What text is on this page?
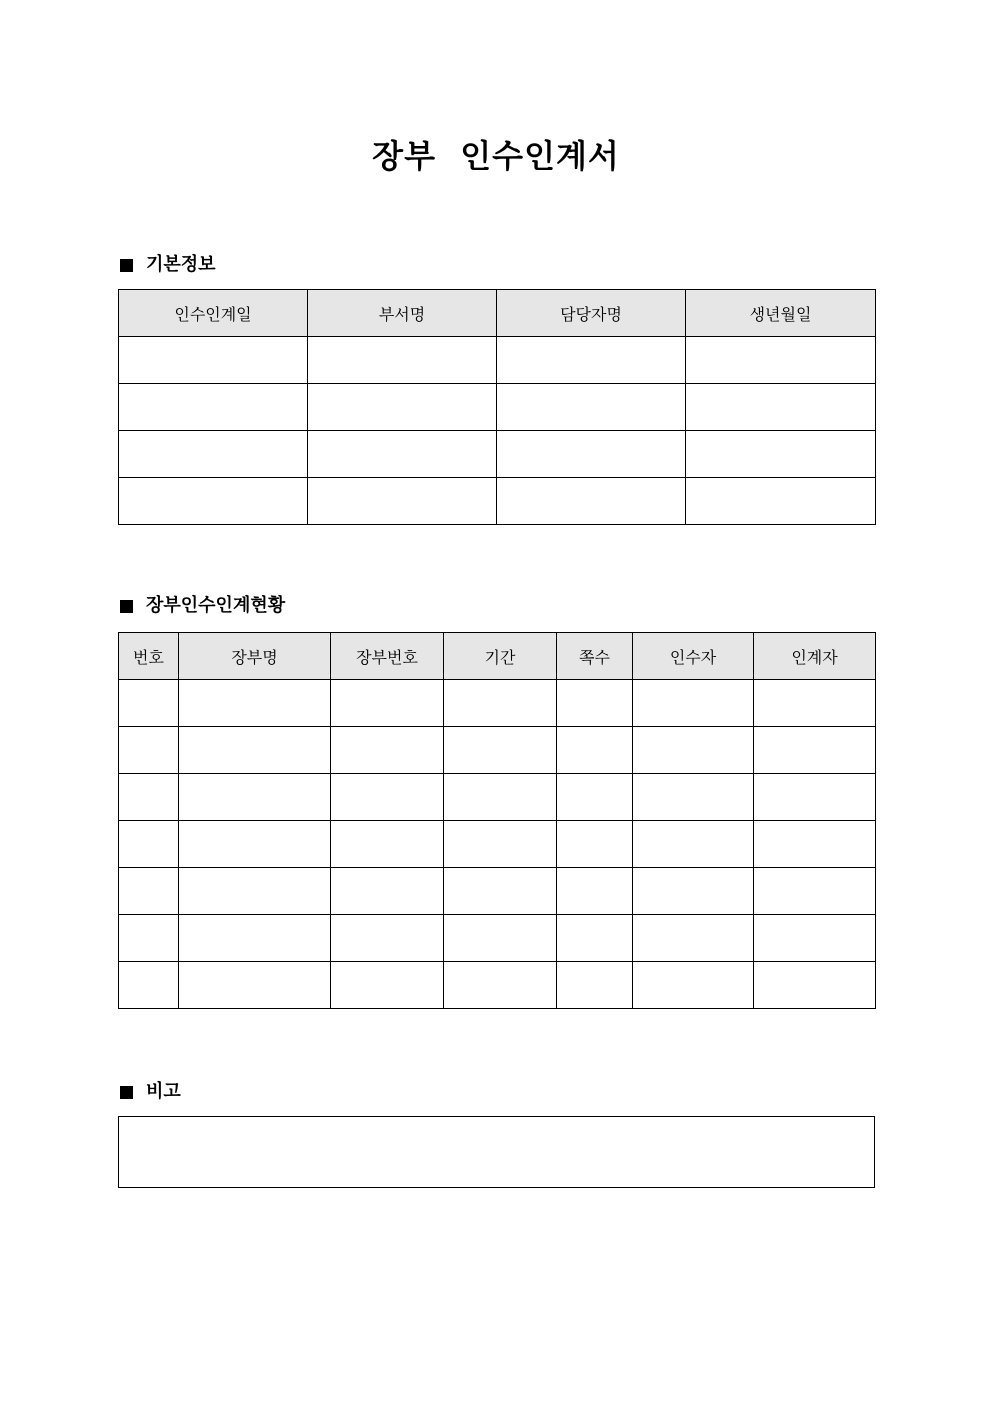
장부  인수인계서
기본정보
인수인계일	부서명	담당자명	생년월일

장부인수인계현황
번호	장부명	장부번호	기간	쪽수	인수자	인계자

비고
